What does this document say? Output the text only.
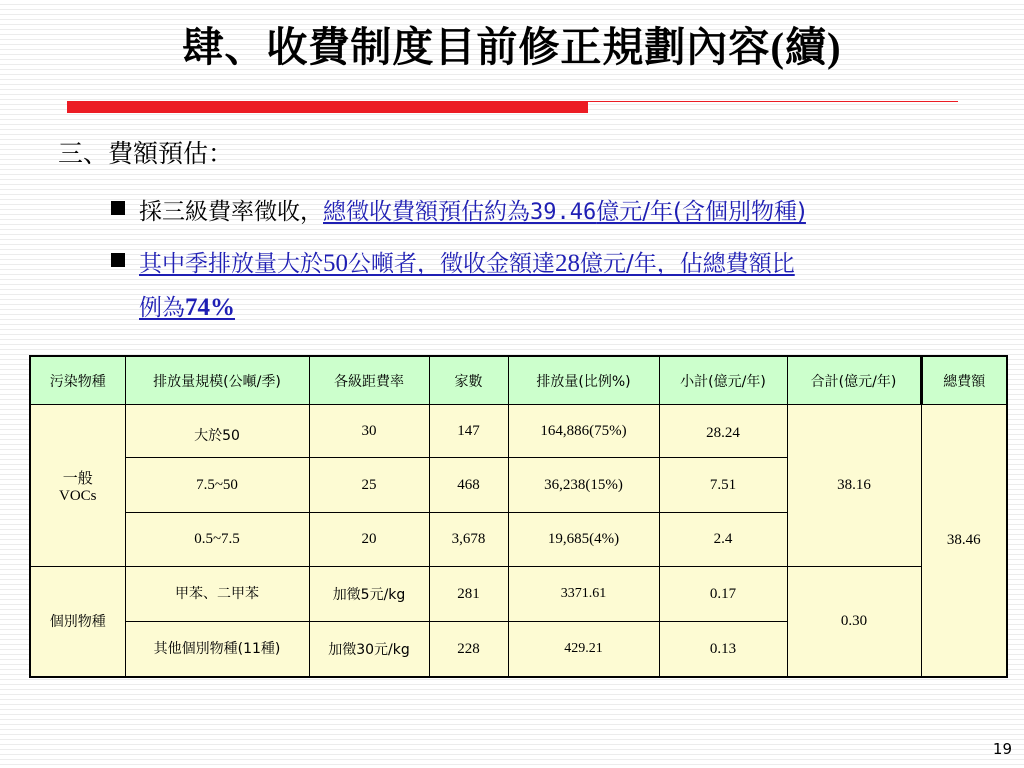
肆、收費制度目前修正規劃內容(續)
三、費額預估：
採三級費率徵收，總徵收費額預估約為39.46億元/年(含個別物種)
其中季排放量大於50公噸者，徵收金額達28億元/年，佔總費額比
例為74%
污染物種	排放量規模(公噸/季)	各級距費率	家數	排放量(比例%)	小計(億元/年)	合計(億元/年)	總費額

一般
VOCs	大於50	30	147	164,886(75%)	28.24	38.16	38.46
	7.5~50	25	468	36,238(15%)	7.51		
	0.5~7.5	20	3,678	19,685(4%)	2.4		
個別物種	甲苯、二甲苯	加徵5元/kg	281	3371.61	0.17	0.30	
	其他個別物種(11種)	加徵30元/kg	228	429.21	0.13		
19
